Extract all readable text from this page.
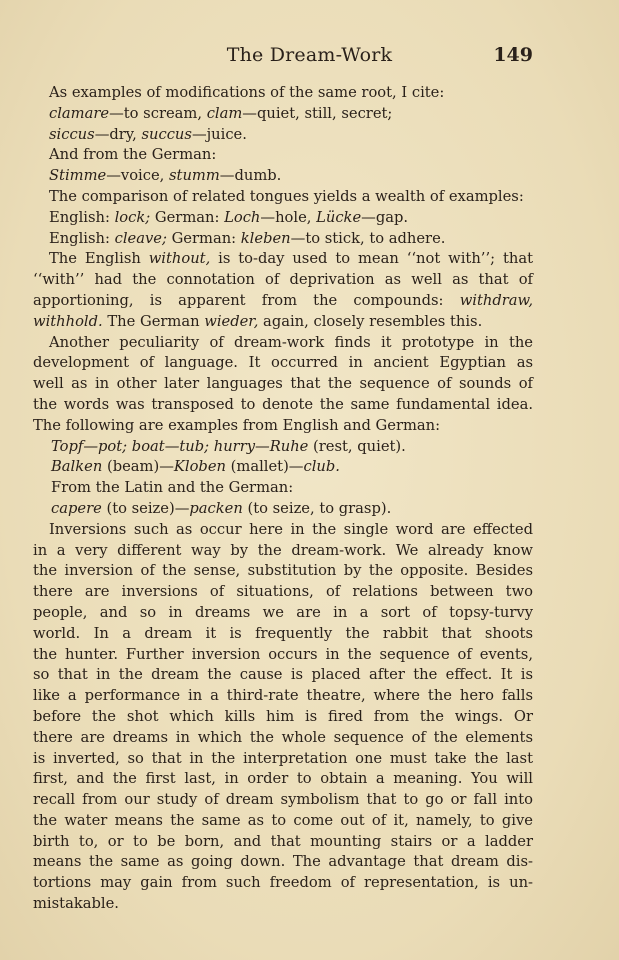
The Dream-Work	149
As examples of modifications of the same root, I cite:
clamare—to scream, clam—quiet, still, secret;
siccus—dry, succus—juice.
And from the German:
Stimme—voice, stumm—dumb.
The comparison of related tongues yields a wealth of examples:
English: lock; German: Loch—hole, Lücke—gap.
English: cleave; German: kleben—to stick, to adhere.
The English without, is to-day used to mean ‘‘not with’’; that
‘‘with’’ had the connotation of deprivation as well as that of
apportioning, is apparent from the compounds: withdraw,
withhold. The German wieder, again, closely resembles this.
Another peculiarity of dream-work finds it prototype in the
development of language. It occurred in ancient Egyptian as
well as in other later languages that the sequence of sounds of
the words was transposed to denote the same fundamental idea.
The following are examples from English and German:
Topf—pot; boat—tub; hurry—Ruhe (rest, quiet).
Balken (beam)—Kloben (mallet)—club.
From the Latin and the German:
capere (to seize)—packen (to seize, to grasp).
Inversions such as occur here in the single word are effected
in a very different way by the dream-work. We already know
the inversion of the sense, substitution by the opposite. Besides
there are inversions of situations, of relations between two
people, and so in dreams we are in a sort of topsy-turvy
world. In a dream it is frequently the rabbit that shoots
the hunter. Further inversion occurs in the sequence of events,
so that in the dream the cause is placed after the effect. It is
like a performance in a third-rate theatre, where the hero falls
before the shot which kills him is fired from the wings. Or
there are dreams in which the whole sequence of the elements
is inverted, so that in the interpretation one must take the last
first, and the first last, in order to obtain a meaning. You will
recall from our study of dream symbolism that to go or fall into
the water means the same as to come out of it, namely, to give
birth to, or to be born, and that mounting stairs or a ladder
means the same as going down. The advantage that dream dis-
tortions may gain from such freedom of representation, is un-
mistakable.
